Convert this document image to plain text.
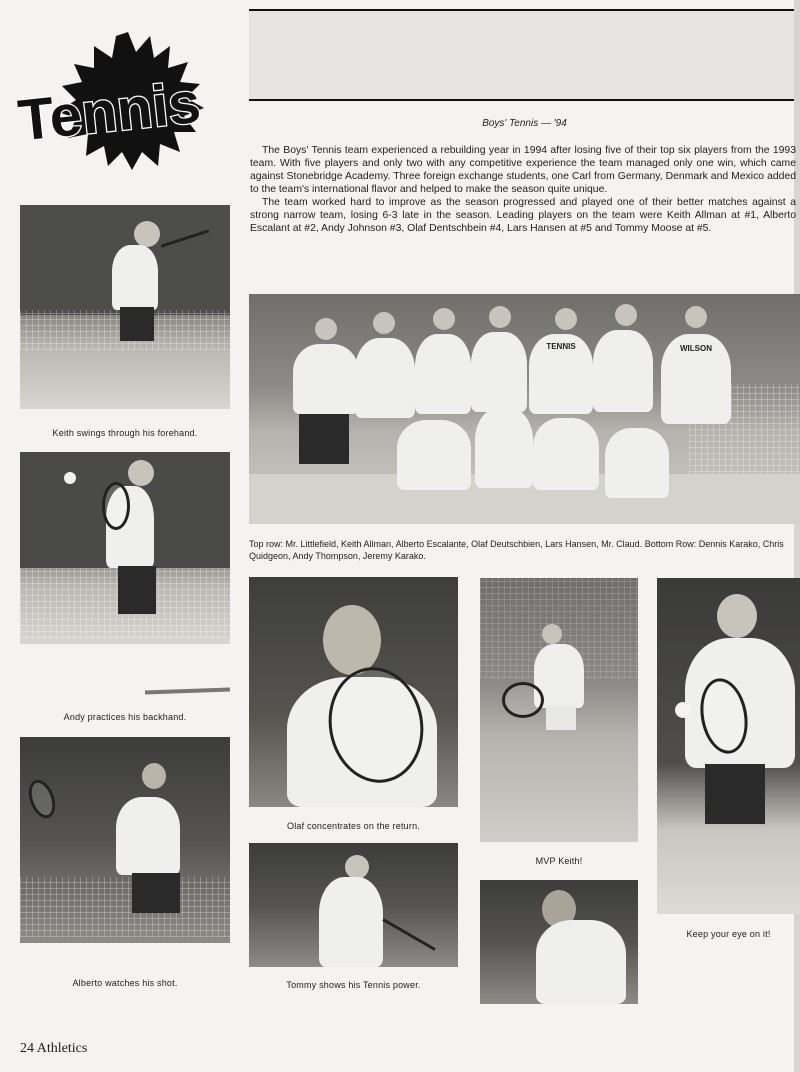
Tennis	Boys' Tennis — '94

The Boys' Tennis team experienced a rebuilding year in 1994 after losing five of their top six players from the 1993 team. With five players and only two with any competitive experience the team managed only one win, which came against Stonebridge Academy. Three foreign exchange students, one Carl from Germany, Denmark and Mexico added to the team's international flavor and helped to make the season quite unique.

The team worked hard to improve as the season progressed and played one of their better matches against a strong narrow team, losing 6-3 late in the season. Leading players on the team were Keith Allman at #1, Alberto Escalant at #2, Andy Johnson #3, Olaf Dentschbein #4, Lars Hansen at #5 and Tommy Moose at #5.

Keith swings through his forehand.
Andy practices his backhand.
Alberto watches his shot.
TENNIS	WILSON
Top row: Mr. Littlefield, Keith Allman, Alberto Escalante, Olaf Deutschbien, Lars Hansen, Mr. Claud. Bottom Row: Dennis Karako, Chris Quidgeon, Andy Thompson, Jeremy Karako.
Olaf concentrates on the return.
Tommy shows his Tennis power.
MVP Keith!
Keep your eye on it!
24 Athletics
